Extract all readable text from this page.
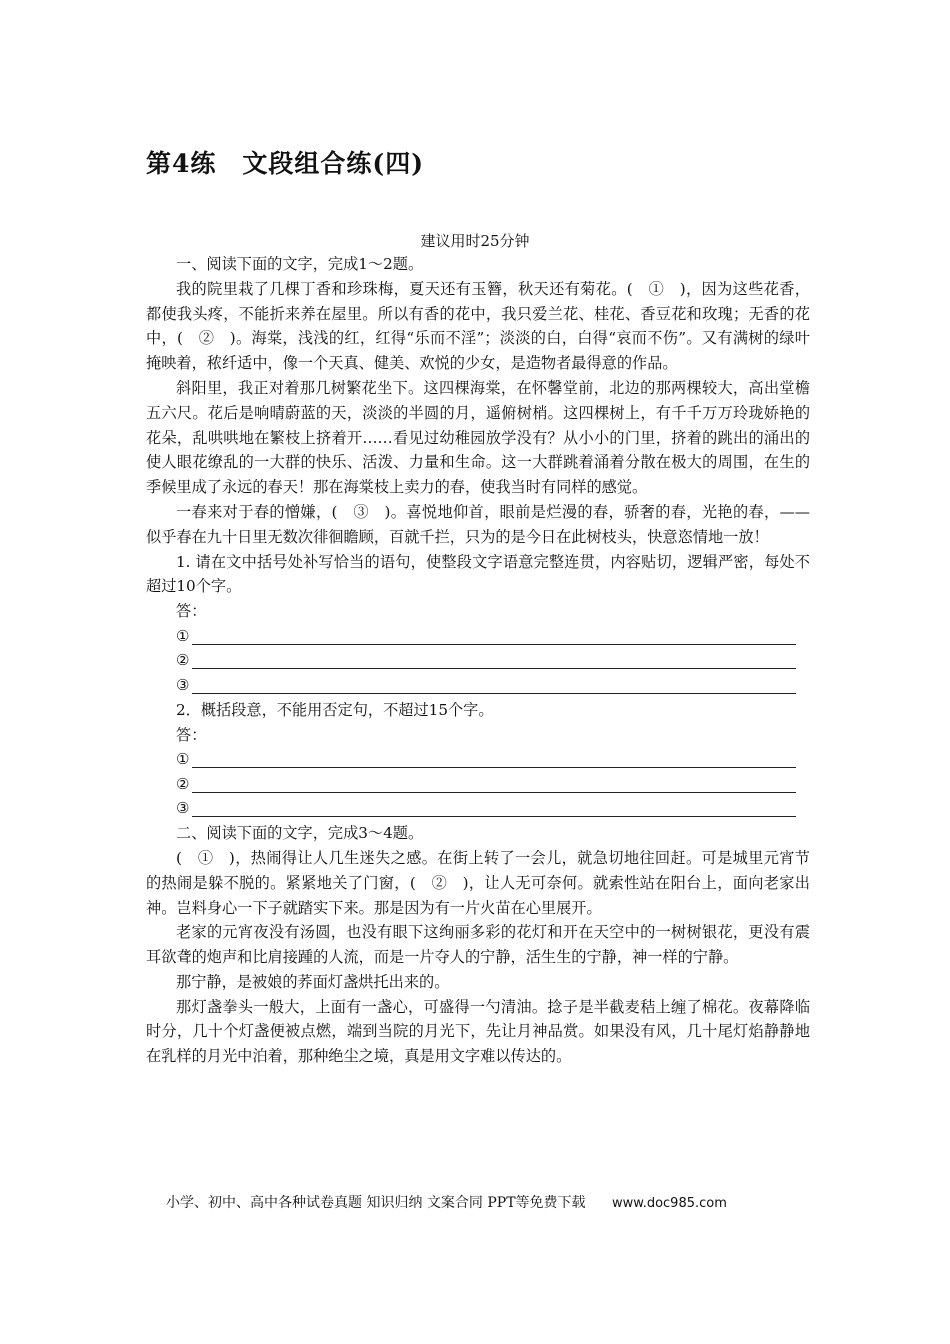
第4练　文段组合练(四)
建议用时25分钟

一、阅读下面的文字，完成1～2题。

我的院里栽了几棵丁香和珍珠梅，夏天还有玉簪，秋天还有菊花。(　①　)，因为这些花香，都使我头疼，不能折来养在屋里。所以有香的花中，我只爱兰花、桂花、香豆花和玫瑰；无香的花中，(　②　)。海棠，浅浅的红，红得“乐而不淫”；淡淡的白，白得“哀而不伤”。又有满树的绿叶掩映着，秾纤适中，像一个天真、健美、欢悦的少女，是造物者最得意的作品。

斜阳里，我正对着那几树繁花坐下。这四棵海棠，在怀馨堂前，北边的那两棵较大，高出堂檐五六尺。花后是响晴蔚蓝的天，淡淡的半圆的月，遥俯树梢。这四棵树上，有千千万万玲珑娇艳的花朵，乱哄哄地在繁枝上挤着开……看见过幼稚园放学没有？从小小的门里，挤着的跳出的涌出的使人眼花缭乱的一大群的快乐、活泼、力量和生命。这一大群跳着涌着分散在极大的周围，在生的季候里成了永远的春天！那在海棠枝上卖力的春，使我当时有同样的感觉。

一春来对于春的憎嫌，(　③　)。喜悦地仰首，眼前是烂漫的春，骄奢的春，光艳的春，——似乎春在九十日里无数次徘徊瞻顾，百就千拦，只为的是今日在此树枝头，快意恣情地一放！

1. 请在文中括号处补写恰当的语句，使整段文字语意完整连贯，内容贴切，逻辑严密，每处不超过10个字。

答：

①
②
③

2．概括段意，不能用否定句，不超过15个字。

答：

①
②
③

二、阅读下面的文字，完成3～4题。

(　①　)，热闹得让人几生迷失之感。在街上转了一会儿，就急切地往回赶。可是城里元宵节的热闹是躲不脱的。紧紧地关了门窗，(　②　)，让人无可奈何。就索性站在阳台上，面向老家出神。岂料身心一下子就踏实下来。那是因为有一片火苗在心里展开。

老家的元宵夜没有汤圆，也没有眼下这绚丽多彩的花灯和开在天空中的一树树银花，更没有震耳欲聋的炮声和比肩接踵的人流，而是一片夺人的宁静，活生生的宁静，神一样的宁静。

那宁静，是被娘的荞面灯盏烘托出来的。

那灯盏拳头一般大，上面有一盏心，可盛得一勺清油。捻子是半截麦秸上缠了棉花。夜幕降临时分，几十个灯盏便被点燃，端到当院的月光下，先让月神品赏。如果没有风，几十尾灯焰静静地在乳样的月光中泊着，那种绝尘之境，真是用文字难以传达的。

小学、初中、高中各种试卷真题 知识归纳 文案合同 PPT等免费下载 www.doc985.com
